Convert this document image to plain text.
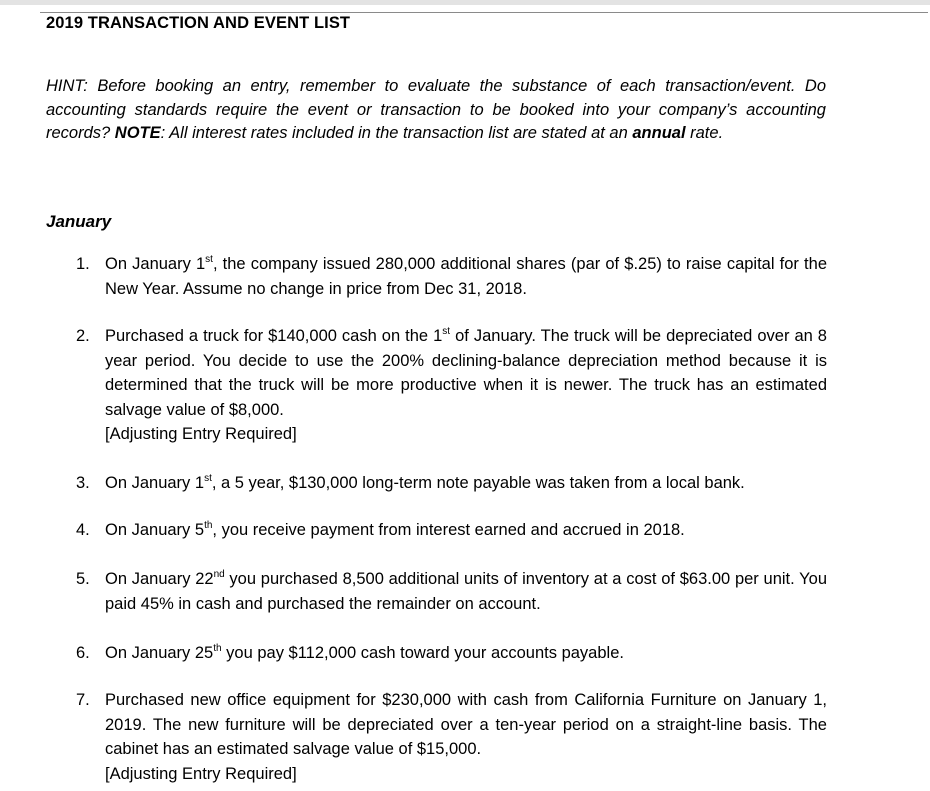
2019 TRANSACTION AND EVENT LIST
HINT: Before booking an entry, remember to evaluate the substance of each transaction/event. Do accounting standards require the event or transaction to be booked into your company’s accounting records? NOTE: All interest rates included in the transaction list are stated at an annual rate.
January
1. On January 1st, the company issued 280,000 additional shares (par of $.25) to raise capital for the New Year. Assume no change in price from Dec 31, 2018.
2. Purchased a truck for $140,000 cash on the 1st of January. The truck will be depreciated over an 8 year period. You decide to use the 200% declining-balance depreciation method because it is determined that the truck will be more productive when it is newer. The truck has an estimated salvage value of $8,000.
[Adjusting Entry Required]
3. On January 1st, a 5 year, $130,000 long-term note payable was taken from a local bank.
4. On January 5th, you receive payment from interest earned and accrued in 2018.
5. On January 22nd you purchased 8,500 additional units of inventory at a cost of $63.00 per unit. You paid 45% in cash and purchased the remainder on account.
6. On January 25th you pay $112,000 cash toward your accounts payable.
7. Purchased new office equipment for $230,000 with cash from California Furniture on January 1, 2019. The new furniture will be depreciated over a ten-year period on a straight-line basis. The cabinet has an estimated salvage value of $15,000.
[Adjusting Entry Required]
